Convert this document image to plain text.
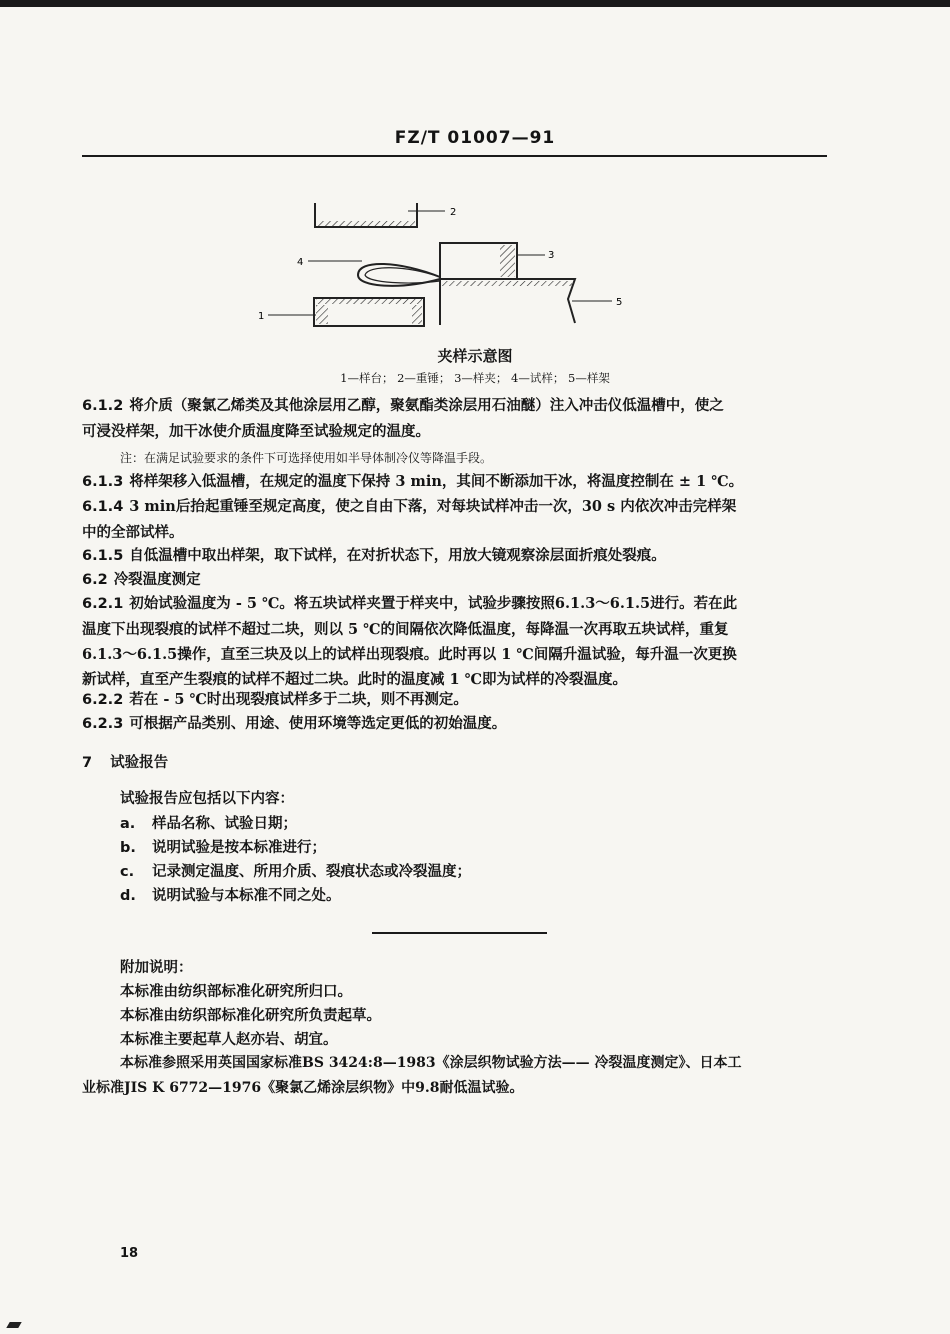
FZ/T 01007—91
2
3
4
5
1
夹样示意图
1—样台； 2—重锤； 3—样夹； 4—试样； 5—样架
6.1.2 将介质（聚氯乙烯类及其他涂层用乙醇，聚氨酯类涂层用石油醚）注入冲击仪低温槽中，使之
可浸没样架，加干冰使介质温度降至试验规定的温度。
注：在满足试验要求的条件下可选择使用如半导体制冷仪等降温手段。
6.1.3 将样架移入低温槽，在规定的温度下保持 3 min，其间不断添加干冰，将温度控制在 ± 1 ℃。
6.1.4 3 min后抬起重锤至规定高度，使之自由下落，对每块试样冲击一次，30 s 内依次冲击完样架
中的全部试样。
6.1.5 自低温槽中取出样架，取下试样，在对折状态下，用放大镜观察涂层面折痕处裂痕。
6.2 冷裂温度测定
6.2.1 初始试验温度为 - 5 ℃。将五块试样夹置于样夹中，试验步骤按照6.1.3～6.1.5进行。若在此
温度下出现裂痕的试样不超过二块，则以 5 ℃的间隔依次降低温度，每降温一次再取五块试样，重复
6.1.3～6.1.5操作，直至三块及以上的试样出现裂痕。此时再以 1 ℃间隔升温试验，每升温一次更换
新试样，直至产生裂痕的试样不超过二块。此时的温度减 1 ℃即为试样的冷裂温度。
6.2.2 若在 - 5 ℃时出现裂痕试样多于二块，则不再测定。
6.2.3 可根据产品类别、用途、使用环境等选定更低的初始温度。
7 试验报告
试验报告应包括以下内容：
a. 样品名称、试验日期；
b. 说明试验是按本标准进行；
c. 记录测定温度、所用介质、裂痕状态或冷裂温度；
d. 说明试验与本标准不同之处。
附加说明：
本标准由纺织部标准化研究所归口。
本标准由纺织部标准化研究所负责起草。
本标准主要起草人赵亦岩、胡宜。
本标准参照采用英国国家标准BS 3424:8—1983《涂层织物试验方法—— 冷裂温度测定》、日本工
业标准JIS K 6772—1976《聚氯乙烯涂层织物》中9.8耐低温试验。
18
